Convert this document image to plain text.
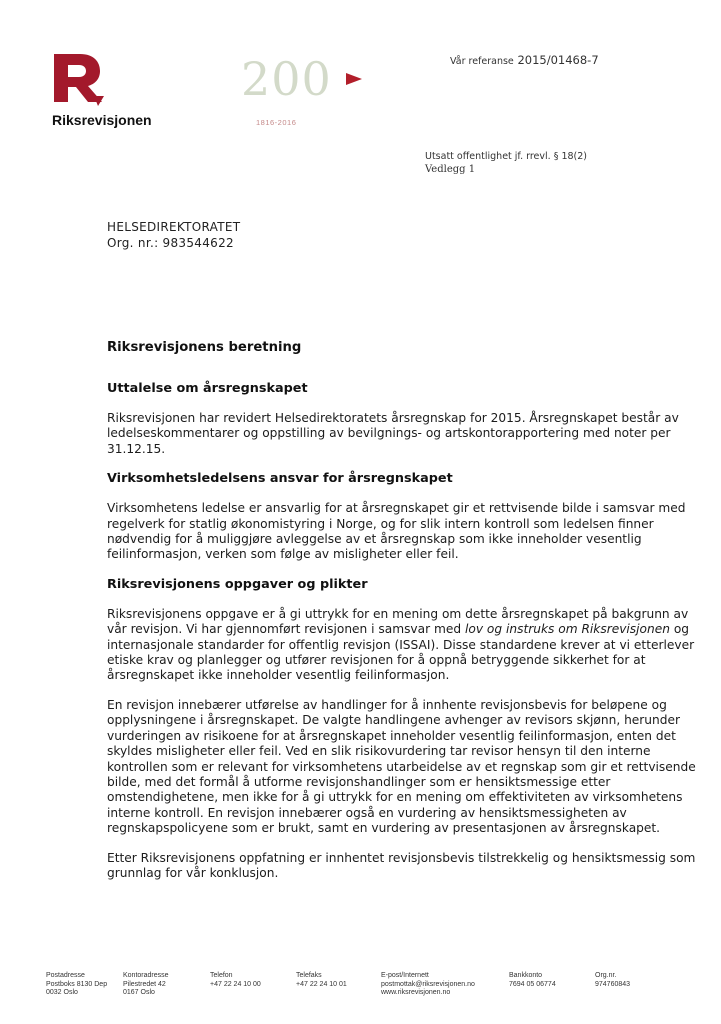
Riksrevisjonen
200
1816-2016
Vår referanse 2015/01468-7
Utsatt offentlighet jf. rrevl. § 18(2)
Vedlegg 1
HELSEDIREKTORATET
Org. nr.: 983544622
Riksrevisjonens beretning
Uttalelse om årsregnskapet

Riksrevisjonen har revidert Helsedirektoratets årsregnskap for 2015. Årsregnskapet består av ledelseskommentarer og oppstilling av bevilgnings- og artskontorapportering med noter per 31.12.15.

Virksomhetsledelsens ansvar for årsregnskapet

Virksomhetens ledelse er ansvarlig for at årsregnskapet gir et rettvisende bilde i samsvar med regelverk for statlig økonomistyring i Norge, og for slik intern kontroll som ledelsen finner nødvendig for å muliggjøre avleggelse av et årsregnskap som ikke inneholder vesentlig feilinformasjon, verken som følge av misligheter eller feil.

Riksrevisjonens oppgaver og plikter

Riksrevisjonens oppgave er å gi uttrykk for en mening om dette årsregnskapet på bakgrunn av vår revisjon. Vi har gjennomført revisjonen i samsvar med lov og instruks om Riksrevisjonen og internasjonale standarder for offentlig revisjon (ISSAI). Disse standardene krever at vi etterlever etiske krav og planlegger og utfører revisjonen for å oppnå betryggende sikkerhet for at årsregnskapet ikke inneholder vesentlig feilinformasjon.

En revisjon innebærer utførelse av handlinger for å innhente revisjonsbevis for beløpene og opplysningene i årsregnskapet. De valgte handlingene avhenger av revisors skjønn, herunder vurderingen av risikoene for at årsregnskapet inneholder vesentlig feilinformasjon, enten det skyldes misligheter eller feil. Ved en slik risikovurdering tar revisor hensyn til den interne kontrollen som er relevant for virksomhetens utarbeidelse av et regnskap som gir et rettvisende bilde, med det formål å utforme revisjonshandlinger som er hensiktsmessige etter omstendighetene, men ikke for å gi uttrykk for en mening om effektiviteten av virksomhetens interne kontroll. En revisjon innebærer også en vurdering av hensiktsmessigheten av regnskapspolicyene som er brukt, samt en vurdering av presentasjonen av årsregnskapet.

Etter Riksrevisjonens oppfatning er innhentet revisjonsbevis tilstrekkelig og hensiktsmessig som grunnlag for vår konklusjon.

Postadresse
Postboks 8130 Dep
0032 Oslo
Kontoradresse
Pilestredet 42
0167 Oslo
Telefon
+47 22 24 10 00
Telefaks
+47 22 24 10 01
E-post/Internett
postmottak@riksrevisjonen.no
www.riksrevisjonen.no
Bankkonto
7694 05 06774
Org.nr.
974760843
